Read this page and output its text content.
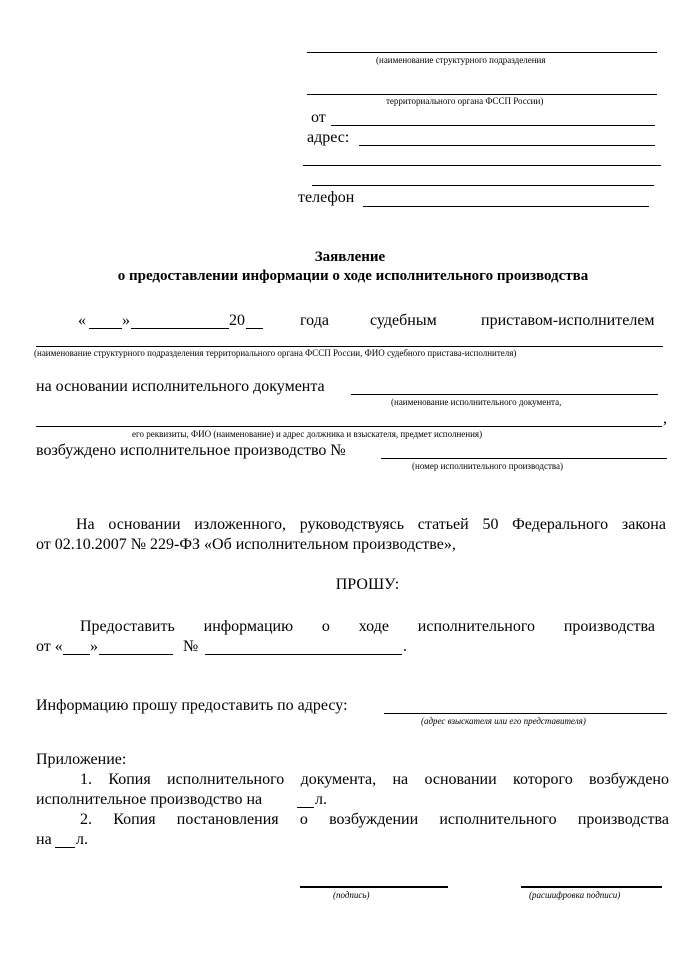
(наименование структурного подразделения
территориального органа ФССП России)
от
адрес:
телефон
Заявление
о предоставлении информации о ходе исполнительного производства
« »	20	года	судебным	приставом-исполнителем
(наименование структурного подразделения территориального органа ФССП России, ФИО судебного пристава-исполнителя)
на основании исполнительного документа
(наименование исполнительного документа,
,
его реквизиты, ФИО (наименование) и адрес должника и взыскателя, предмет исполнения)
возбуждено исполнительное производство №
(номер исполнительного производства)
На основании изложенного, руководствуясь статьей 50 Федерального закона
от 02.10.2007 № 229-ФЗ «Об исполнительном производстве»,
ПРОШУ:
Предоставить информацию о ходе исполнительного производства
от « »	№	.
Информацию прошу предоставить по адресу:
(адрес взыскателя или его представителя)
Приложение:
1. Копия исполнительного документа, на основании которого возбуждено
исполнительное производство на	л.
2. Копия постановления о возбуждении исполнительного производства
на л.
(подпись)	(расшифровка подписи)
